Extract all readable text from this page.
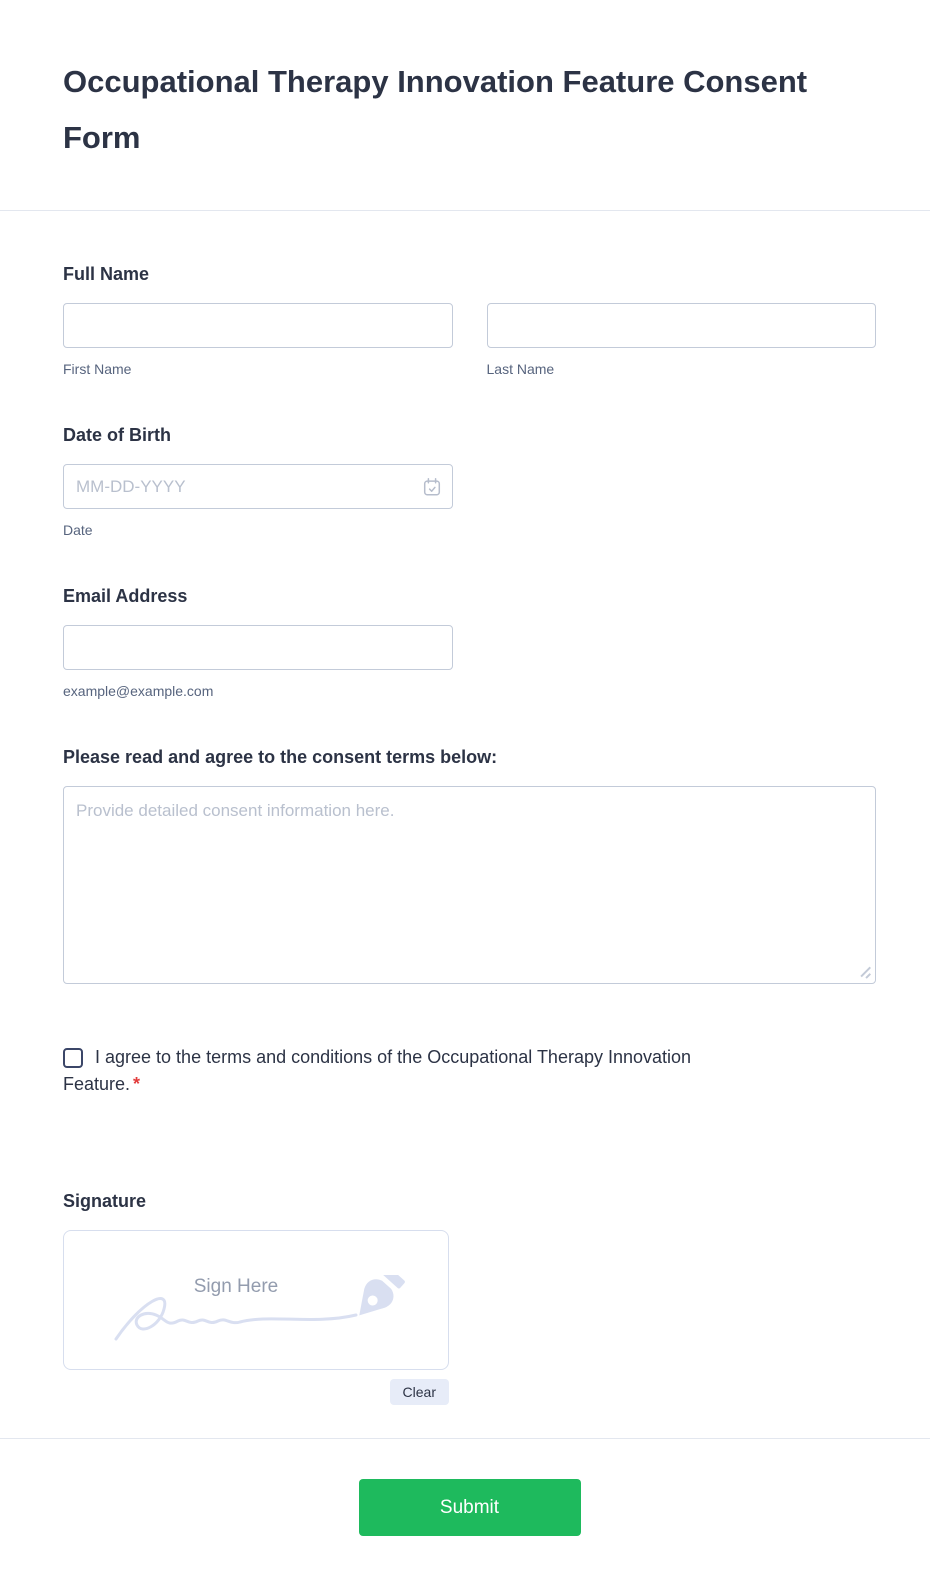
Occupational Therapy Innovation Feature Consent Form
Full Name
First Name	Last Name
Date of Birth
MM-DD-YYYY
Date
Email Address
example@example.com
Please read and agree to the consent terms below:
Provide detailed consent information here.
I agree to the terms and conditions of the Occupational Therapy Innovation Feature. *
Signature
Sign Here
Clear
Submit
